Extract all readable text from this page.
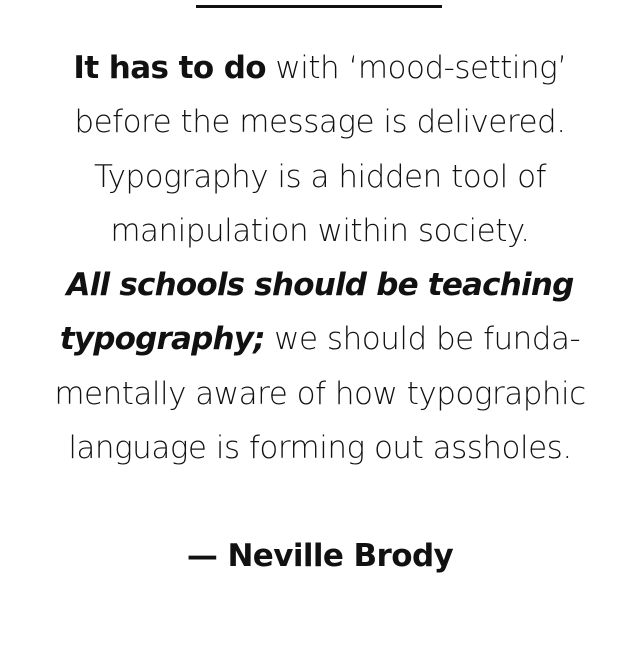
It has to do with ‘mood-setting’
before the message is delivered.
Typography is a hidden tool of
manipulation within society.
All schools should be teaching
typography; we should be funda-
mentally aware of how typographic
language is forming out assholes.
— Neville Brody
